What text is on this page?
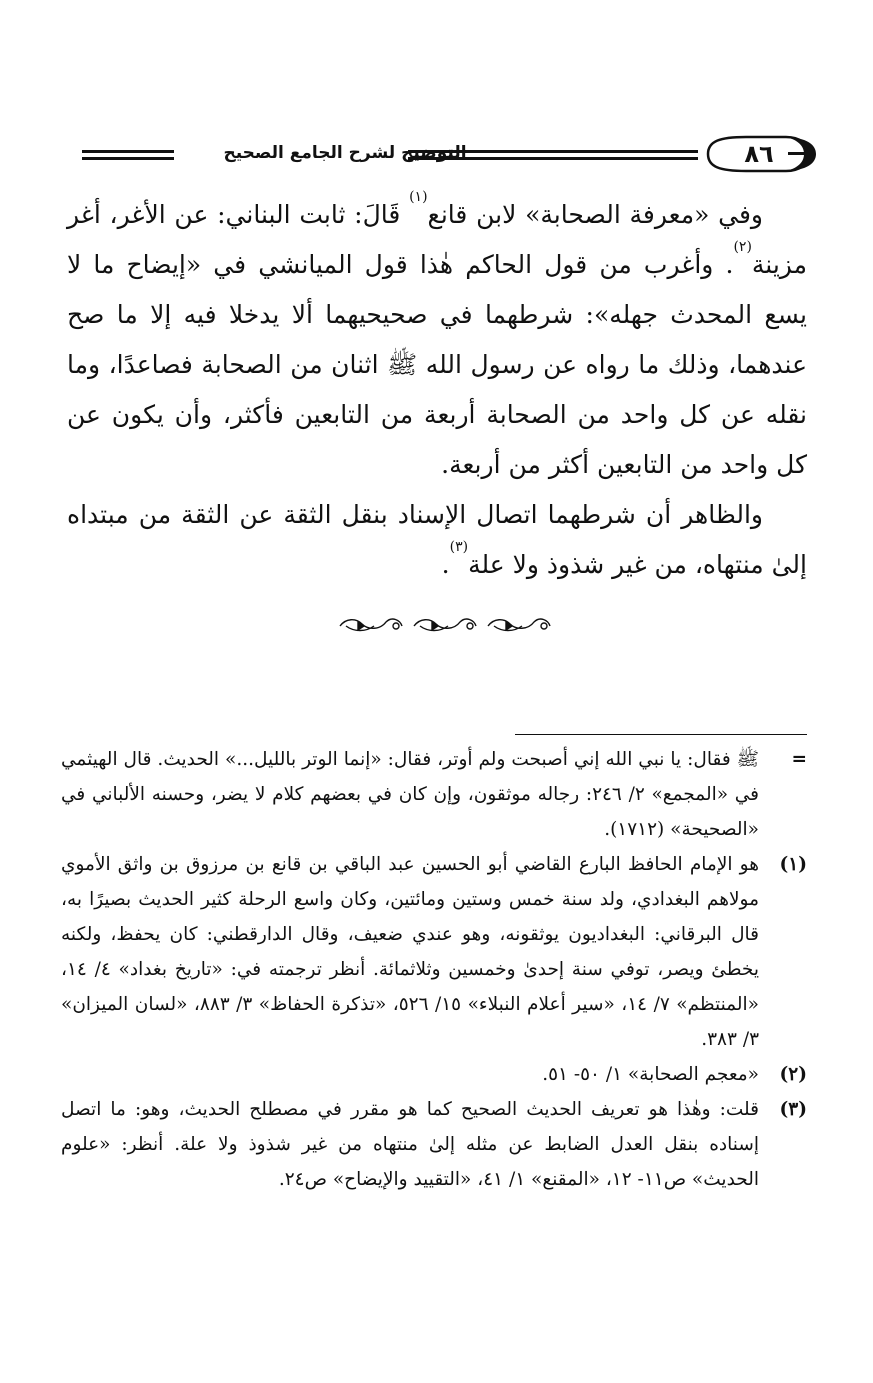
٨٦
التوضيح لشرح الجامع الصحيح

وفي «معرفة الصحابة» لابن قانع$^{(١)}$ قَالَ: ثابت البناني: عن الأغر، أغر مزينة$^{(٢)}$. وأغرب من قول الحاكم هٰذا قول الميانشي في «إيضاح ما لا يسع المحدث جهله»: شرطهما في صحيحيهما ألا يدخلا فيه إلا ما صح عندهما، وذلك ما رواه عن رسول الله ﷺ اثنان من الصحابة فصاعدًا، وما نقله عن كل واحد من الصحابة أربعة من التابعين فأكثر، وأن يكون عن كل واحد من التابعين أكثر من أربعة.

والظاهر أن شرطهما اتصال الإسناد بنقل الثقة عن الثقة من مبتداه إلىٰ منتهاه، من غير شذوذ ولا علة$^{(٣)}$.

=
ﷺ فقال: يا نبي الله إني أصبحت ولم أوتر، فقال: «إنما الوتر بالليل...» الحديث. قال الهيثمي في «المجمع» ٢/ ٢٤٦: رجاله موثقون، وإن كان في بعضهم كلام لا يضر، وحسنه الألباني في «الصحيحة» (١٧١٢).
(١)
هو الإمام الحافظ البارع القاضي أبو الحسين عبد الباقي بن قانع بن مرزوق بن واثق الأموي مولاهم البغدادي، ولد سنة خمس وستين ومائتين، وكان واسع الرحلة كثير الحديث بصيرًا به، قال البرقاني: البغداديون يوثقونه، وهو عندي ضعيف، وقال الدارقطني: كان يحفظ، ولكنه يخطئ ويصر، توفي سنة إحدىٰ وخمسين وثلاثمائة. أنظر ترجمته في: «تاريخ بغداد» ٤/ ١٤، «المنتظم» ٧/ ١٤، «سير أعلام النبلاء» ١٥/ ٥٢٦، «تذكرة الحفاظ» ٣/ ٨٨٣، «لسان الميزان» ٣/ ٣٨٣.
(٢)
«معجم الصحابة» ١/ ٥٠- ٥١.
(٣)
قلت: وهٰذا هو تعريف الحديث الصحيح كما هو مقرر في مصطلح الحديث، وهو: ما اتصل إسناده بنقل العدل الضابط عن مثله إلىٰ منتهاه من غير شذوذ ولا علة. أنظر: «علوم الحديث» ص١١- ١٢، «المقنع» ١/ ٤١، «التقييد والإيضاح» ص٢٤.
